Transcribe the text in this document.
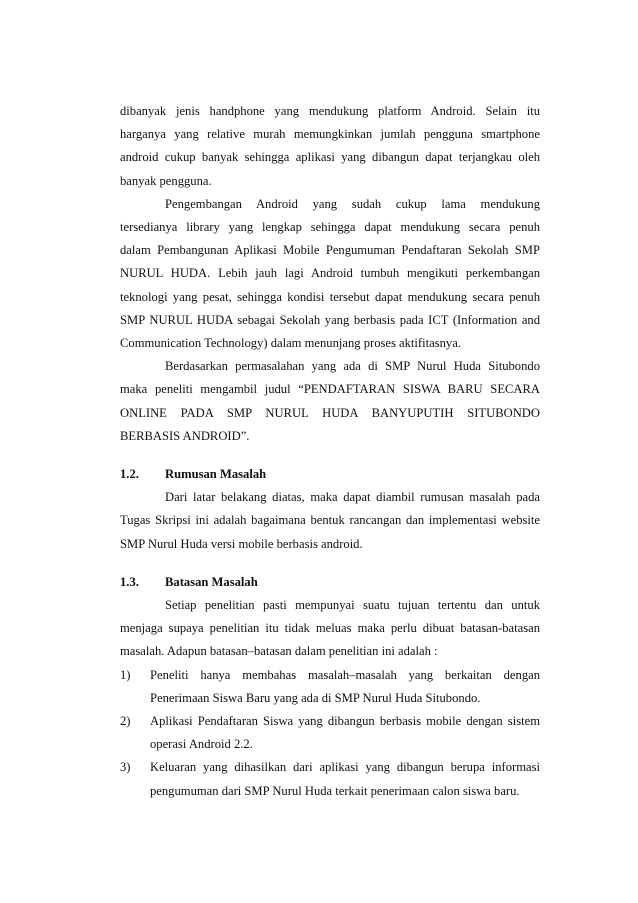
dibanyak jenis handphone yang mendukung platform Android. Selain itu
harganya yang relative murah memungkinkan jumlah pengguna smartphone
android cukup banyak sehingga aplikasi yang dibangun dapat terjangkau oleh
banyak pengguna.
Pengembangan Android yang sudah cukup lama mendukung
tersedianya library yang lengkap sehingga dapat mendukung secara penuh
dalam Pembangunan Aplikasi Mobile Pengumuman Pendaftaran Sekolah SMP
NURUL HUDA. Lebih jauh lagi Android tumbuh mengikuti perkembangan
teknologi yang pesat, sehingga kondisi tersebut dapat mendukung secara penuh
SMP NURUL HUDA sebagai Sekolah yang berbasis pada ICT (Information and
Communication Technology) dalam menunjang proses aktifitasnya.
Berdasarkan permasalahan yang ada di SMP Nurul Huda Situbondo
maka peneliti mengambil judul “PENDAFTARAN SISWA BARU SECARA
ONLINE PADA SMP NURUL HUDA BANYUPUTIH SITUBONDO
BERBASIS ANDROID”.
1.2. Rumusan Masalah
Dari latar belakang diatas, maka dapat diambil rumusan masalah pada
Tugas Skripsi ini adalah bagaimana bentuk rancangan dan implementasi website
SMP Nurul Huda versi mobile berbasis android.
1.3. Batasan Masalah
Setiap penelitian pasti mempunyai suatu tujuan tertentu dan untuk
menjaga supaya penelitian itu tidak meluas maka perlu dibuat batasan-batasan
masalah. Adapun batasan–batasan dalam penelitian ini adalah :
1)	Peneliti hanya membahas masalah–masalah yang berkaitan dengan
Penerimaan Siswa Baru yang ada di SMP Nurul Huda Situbondo.
2)	Aplikasi Pendaftaran Siswa yang dibangun berbasis mobile dengan sistem
operasi Android 2.2.
3)	Keluaran yang dihasilkan dari aplikasi yang dibangun berupa informasi
pengumuman dari SMP Nurul Huda terkait penerimaan calon siswa baru.
